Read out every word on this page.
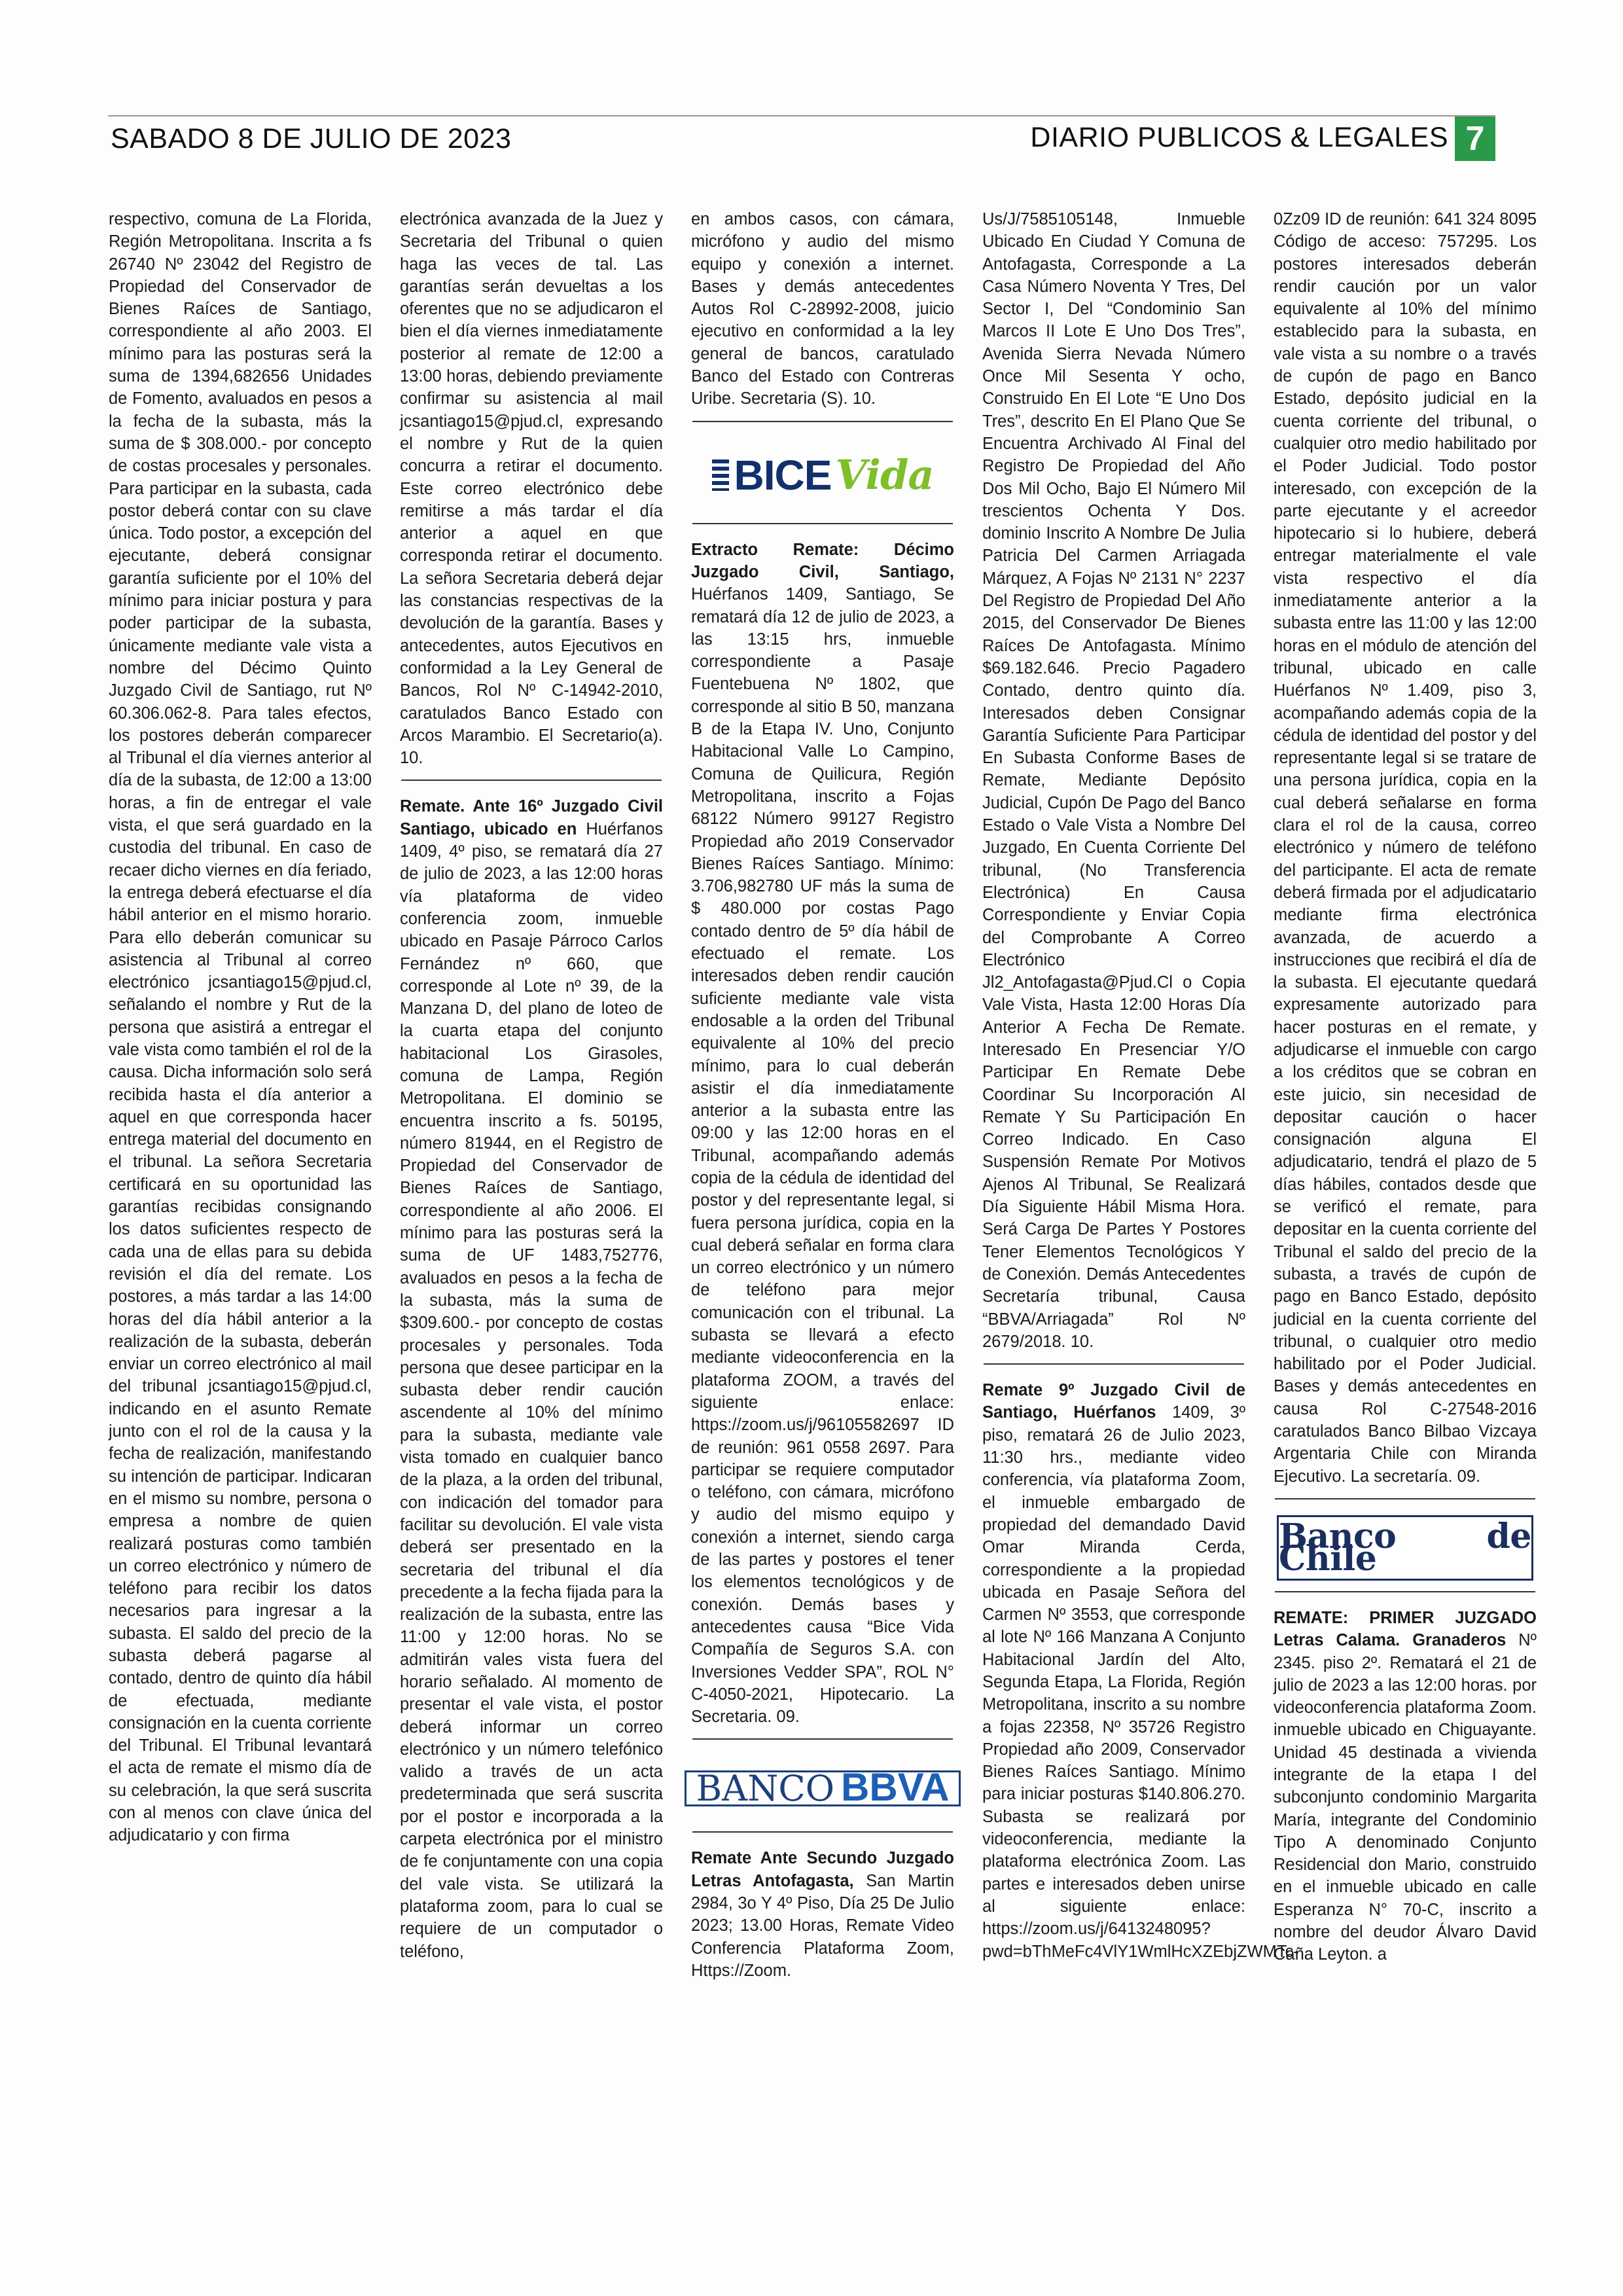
SABADO 8 DE JULIO DE 2023	DIARIO PUBLICOS & LEGALES 7

respectivo, comuna de La Florida, Región Metropolitana. Inscrita a fs 26740 Nº 23042 del Registro de Propiedad del Conservador de Bienes Raíces de Santiago, correspondiente al año 2003. El mínimo para las posturas será la suma de 1394,682656 Unidades de Fomento, avaluados en pesos a la fecha de la subasta, más la suma de $ 308.000.- por concepto de costas procesales y personales. Para participar en la subasta, cada postor deberá contar con su clave única. Todo postor, a excepción del ejecutante, deberá consignar garantía suficiente por el 10% del mínimo para iniciar postura y para poder participar de la subasta, únicamente mediante vale vista a nombre del Décimo Quinto Juzgado Civil de Santiago, rut Nº 60.306.062-8. Para tales efectos, los postores deberán comparecer al Tribunal el día viernes anterior al día de la subasta, de 12:00 a 13:00 horas, a fin de entregar el vale vista, el que será guardado en la custodia del tribunal. En caso de recaer dicho viernes en día feriado, la entrega deberá efectuarse el día hábil anterior en el mismo horario. Para ello deberán comunicar su asistencia al Tribunal al correo electrónico jcsantiago15@pjud.cl, señalando el nombre y Rut de la persona que asistirá a entregar el vale vista como también el rol de la causa. Dicha información solo será recibida hasta el día anterior a aquel en que corresponda hacer entrega material del documento en el tribunal. La señora Secretaria certificará en su oportunidad las garantías recibidas consignando los datos suficientes respecto de cada una de ellas para su debida revisión el día del remate. Los postores, a más tardar a las 14:00 horas del día hábil anterior a la realización de la subasta, deberán enviar un correo electrónico al mail del tribunal jcsantiago15@pjud.cl, indicando en el asunto Remate junto con el rol de la causa y la fecha de realización, manifestando su intención de participar. Indicaran en el mismo su nombre, persona o empresa a nombre de quien realizará posturas como también un correo electrónico y número de teléfono para recibir los datos necesarios para ingresar a la subasta. El saldo del precio de la subasta deberá pagarse al contado, dentro de quinto día hábil de efectuada, mediante consignación en la cuenta corriente del Tribunal. El Tribunal levantará el acta de remate el mismo día de su celebración, la que será suscrita con al menos con clave única del adjudicatario y con firma

electrónica avanzada de la Juez y Secretaria del Tribunal o quien haga las veces de tal. Las garantías serán devueltas a los oferentes que no se adjudicaron el bien el día viernes inmediatamente posterior al remate de 12:00 a 13:00 horas, debiendo previamente confirmar su asistencia al mail jcsantiago15@pjud.cl, expresando el nombre y Rut de la quien concurra a retirar el documento. Este correo electrónico debe remitirse a más tardar el día anterior a aquel en que corresponda retirar el documento. La señora Secretaria deberá dejar las constancias respectivas de la devolución de la garantía. Bases y antecedentes, autos Ejecutivos en conformidad a la Ley General de Bancos, Rol Nº C-14942-2010, caratulados Banco Estado con Arcos Marambio. El Secretario(a). 10.

Remate. Ante 16º Juzgado Civil Santiago, ubicado en Huérfanos 1409, 4º piso, se rematará día 27 de julio de 2023, a las 12:00 horas vía plataforma de video conferencia zoom, inmueble ubicado en Pasaje Párroco Carlos Fernández nº 660, que corresponde al Lote nº 39, de la Manzana D, del plano de loteo de la cuarta etapa del conjunto habitacional Los Girasoles, comuna de Lampa, Región Metropolitana. El dominio se encuentra inscrito a fs. 50195, número 81944, en el Registro de Propiedad del Conservador de Bienes Raíces de Santiago, correspondiente al año 2006. El mínimo para las posturas será la suma de UF 1483,752776, avaluados en pesos a la fecha de la subasta, más la suma de $309.600.- por concepto de costas procesales y personales. Toda persona que desee participar en la subasta deber rendir caución ascendente al 10% del mínimo para la subasta, mediante vale vista tomado en cualquier banco de la plaza, a la orden del tribunal, con indicación del tomador para facilitar su devolución. El vale vista deberá ser presentado en la secretaria del tribunal el día precedente a la fecha fijada para la realización de la subasta, entre las 11:00 y 12:00 horas. No se admitirán vales vista fuera del horario señalado. Al momento de presentar el vale vista, el postor deberá informar un correo electrónico y un número telefónico valido a través de un acta predeterminada que será suscrita por el postor e incorporada a la carpeta electrónica por el ministro de fe conjuntamente con una copia del vale vista. Se utilizará la plataforma zoom, para lo cual se requiere de un computador o teléfono,

en ambos casos, con cámara, micrófono y audio del mismo equipo y conexión a internet. Bases y demás antecedentes Autos Rol C-28992-2008, juicio ejecutivo en conformidad a la ley general de bancos, caratulado Banco del Estado con Contreras Uribe. Secretaria (S). 10.

BICE Vida

Extracto Remate: Décimo Juzgado Civil, Santiago, Huérfanos 1409, Santiago, Se rematará día 12 de julio de 2023, a las 13:15 hrs, inmueble correspondiente a Pasaje Fuentebuena Nº 1802, que corresponde al sitio B 50, manzana B de la Etapa IV. Uno, Conjunto Habitacional Valle Lo Campino, Comuna de Quilicura, Región Metropolitana, inscrito a Fojas 68122 Número 99127 Registro Propiedad año 2019 Conservador Bienes Raíces Santiago. Mínimo: 3.706,982780 UF más la suma de $ 480.000 por costas Pago contado dentro de 5º día hábil de efectuado el remate. Los interesados deben rendir caución suficiente mediante vale vista endosable a la orden del Tribunal equivalente al 10% del precio mínimo, para lo cual deberán asistir el día inmediatamente anterior a la subasta entre las 09:00 y las 12:00 horas en el Tribunal, acompañando además copia de la cédula de identidad del postor y del representante legal, si fuera persona jurídica, copia en la cual deberá señalar en forma clara un correo electrónico y un número de teléfono para mejor comunicación con el tribunal. La subasta se llevará a efecto mediante videoconferencia en la plataforma ZOOM, a través del siguiente enlace: https://zoom.us/j/96105582697 ID de reunión: 961 0558 2697. Para participar se requiere computador o teléfono, con cámara, micrófono y audio del mismo equipo y conexión a internet, siendo carga de las partes y postores el tener los elementos tecnológicos y de conexión. Demás bases y antecedentes causa “Bice Vida Compañía de Seguros S.A. con Inversiones Vedder SPA”, ROL N° C-4050-2021, Hipotecario. La Secretaria. 09.

BANCO BBVA

Remate Ante Secundo Juzgado Letras Antofagasta, San Martin 2984, 3o Y 4º Piso, Día 25 De Julio 2023; 13.00 Horas, Remate Video Conferencia Plataforma Zoom, Https://Zoom.

Us/J/7585105148, Inmueble Ubicado En Ciudad Y Comuna de Antofagasta, Corresponde a La Casa Número Noventa Y Tres, Del Sector I, Del “Condominio San Marcos II Lote E Uno Dos Tres”, Avenida Sierra Nevada Número Once Mil Sesenta Y ocho, Construido En El Lote “E Uno Dos Tres”, descrito En El Plano Que Se Encuentra Archivado Al Final del Registro De Propiedad del Año Dos Mil Ocho, Bajo El Número Mil trescientos Ochenta Y Dos. dominio Inscrito A Nombre De Julia Patricia Del Carmen Arriagada Márquez, A Fojas Nº 2131 N° 2237 Del Registro de Propiedad Del Año 2015, del Conservador De Bienes Raíces De Antofagasta. Mínimo $69.182.646. Precio Pagadero Contado, dentro quinto día. Interesados deben Consignar Garantía Suficiente Para Participar En Subasta Conforme Bases de Remate, Mediante Depósito Judicial, Cupón De Pago del Banco Estado o Vale Vista a Nombre Del Juzgado, En Cuenta Corriente Del tribunal, (No Transferencia Electrónica) En Causa Correspondiente y Enviar Copia del Comprobante A Correo Electrónico Jl2_Antofagasta@Pjud.Cl o Copia Vale Vista, Hasta 12:00 Horas Día Anterior A Fecha De Remate. Interesado En Presenciar Y/O Participar En Remate Debe Coordinar Su Incorporación Al Remate Y Su Participación En Correo Indicado. En Caso Suspensión Remate Por Motivos Ajenos Al Tribunal, Se Realizará Día Siguiente Hábil Misma Hora. Será Carga De Partes Y Postores Tener Elementos Tecnológicos Y de Conexión. Demás Antecedentes Secretaría tribunal, Causa “BBVA/Arriagada” Rol Nº 2679/2018. 10.

Remate 9º Juzgado Civil de Santiago, Huérfanos 1409, 3º piso, rematará 26 de Julio 2023, 11:30 hrs., mediante video conferencia, vía plataforma Zoom, el inmueble embargado de propiedad del demandado David Omar Miranda Cerda, correspondiente a la propiedad ubicada en Pasaje Señora del Carmen Nº 3553, que corresponde al lote Nº 166 Manzana A Conjunto Habitacional Jardín del Alto, Segunda Etapa, La Florida, Región Metropolitana, inscrito a su nombre a fojas 22358, Nº 35726 Registro Propiedad año 2009, Conservador Bienes Raíces Santiago. Mínimo para iniciar posturas $140.806.270. Subasta se realizará por videoconferencia, mediante la plataforma electrónica Zoom. Las partes e interesados deben unirse al siguiente enlace: https://zoom.us/j/6413248095?pwd=bThMeFc4VlY1WmlHcXZEbjZWMTc-

0Zz09 ID de reunión: 641 324 8095 Código de acceso: 757295. Los postores interesados deberán rendir caución por un valor equivalente al 10% del mínimo establecido para la subasta, en vale vista a su nombre o a través de cupón de pago en Banco Estado, depósito judicial en la cuenta corriente del tribunal, o cualquier otro medio habilitado por el Poder Judicial. Todo postor interesado, con excepción de la parte ejecutante y el acreedor hipotecario si lo hubiere, deberá entregar materialmente el vale vista respectivo el día inmediatamente anterior a la subasta entre las 11:00 y las 12:00 horas en el módulo de atención del tribunal, ubicado en calle Huérfanos Nº 1.409, piso 3, acompañando además copia de la cédula de identidad del postor y del representante legal si se tratare de una persona jurídica, copia en la cual deberá señalarse en forma clara el rol de la causa, correo electrónico y número de teléfono del participante. El acta de remate deberá firmada por el adjudicatario mediante firma electrónica avanzada, de acuerdo a instrucciones que recibirá el día de la subasta. El ejecutante quedará expresamente autorizado para hacer posturas en el remate, y adjudicarse el inmueble con cargo a los créditos que se cobran en este juicio, sin necesidad de depositar caución o hacer consignación alguna El adjudicatario, tendrá el plazo de 5 días hábiles, contados desde que se verificó el remate, para depositar en la cuenta corriente del Tribunal el saldo del precio de la subasta, a través de cupón de pago en Banco Estado, depósito judicial en la cuenta corriente del tribunal, o cualquier otro medio habilitado por el Poder Judicial. Bases y demás antecedentes en causa Rol C-27548-2016 caratulados Banco Bilbao Vizcaya Argentaria Chile con Miranda Ejecutivo. La secretaría. 09.

Banco de Chile

REMATE: PRIMER JUZGADO Letras Calama. Granaderos Nº 2345. piso 2º. Rematará el 21 de julio de 2023 a las 12:00 horas. por videoconferencia plataforma Zoom. inmueble ubicado en Chiguayante. Unidad 45 destinada a vivienda integrante de la etapa I del subconjunto condominio Margarita María, integrante del Condominio Tipo A denominado Conjunto Residencial don Mario, construido en el inmueble ubicado en calle Esperanza N° 70-C, inscrito a nombre del deudor Álvaro David Caña Leyton. a
